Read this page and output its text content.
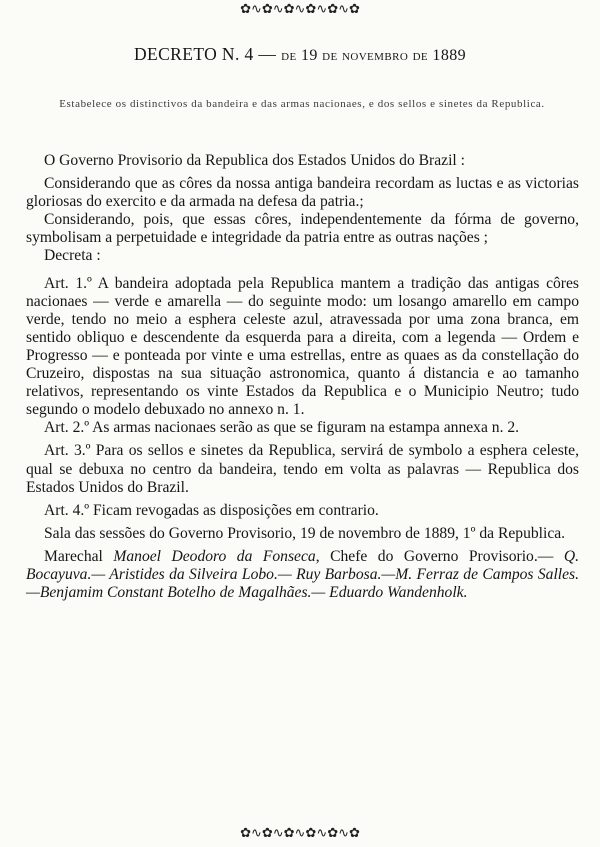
✿∿✿∿✿∿✿∿✿∿✿
DECRETO N. 4 — de 19 de novembro de 1889
Estabelece os distinctivos da bandeira e das armas nacionaes, e dos sellos e sinetes da Republica.

O Governo Provisorio da Republica dos Estados Unidos do Brazil :

Considerando que as côres da nossa antiga bandeira recordam as luctas e as victorias gloriosas do exercito e da armada na defesa da patria.;

Considerando, pois, que essas côres, independentemente da fórma de governo, symbolisam a perpetuidade e integridade da patria entre as outras nações ;

Decreta :

Art. 1.º A bandeira adoptada pela Republica mantem a tradição das antigas côres nacionaes — verde e amarella — do seguinte modo: um losango amarello em campo verde, tendo no meio a esphera celeste azul, atravessada por uma zona branca, em sentido obliquo e descendente da esquerda para a direita, com a legenda — Ordem e Progresso — e ponteada por vinte e uma estrellas, entre as quaes as da constellação do Cruzeiro, dispostas na sua situação astronomica, quanto á distancia e ao tamanho relativos, representando os vinte Estados da Republica e o Municipio Neutro; tudo segundo o modelo debuxado no annexo n. 1.

Art. 2.º As armas nacionaes serão as que se figuram na estampa annexa n. 2.

Art. 3.º Para os sellos e sinetes da Republica, servirá de symbolo a esphera celeste, qual se debuxa no centro da bandeira, tendo em volta as palavras — Republica dos Estados Unidos do Brazil.

Art. 4.º Ficam revogadas as disposições em contrario.

Sala das sessões do Governo Provisorio, 19 de novembro de 1889, 1º da Republica.

Marechal Manoel Deodoro da Fonseca, Chefe do Governo Provisorio.— Q. Bocayuva.— Aristides da Silveira Lobo.— Ruy Barbosa.—M. Ferraz de Campos Salles.—Benjamim Constant Botelho de Magalhães.— Eduardo Wandenholk.

✿∿✿∿✿∿✿∿✿∿✿
